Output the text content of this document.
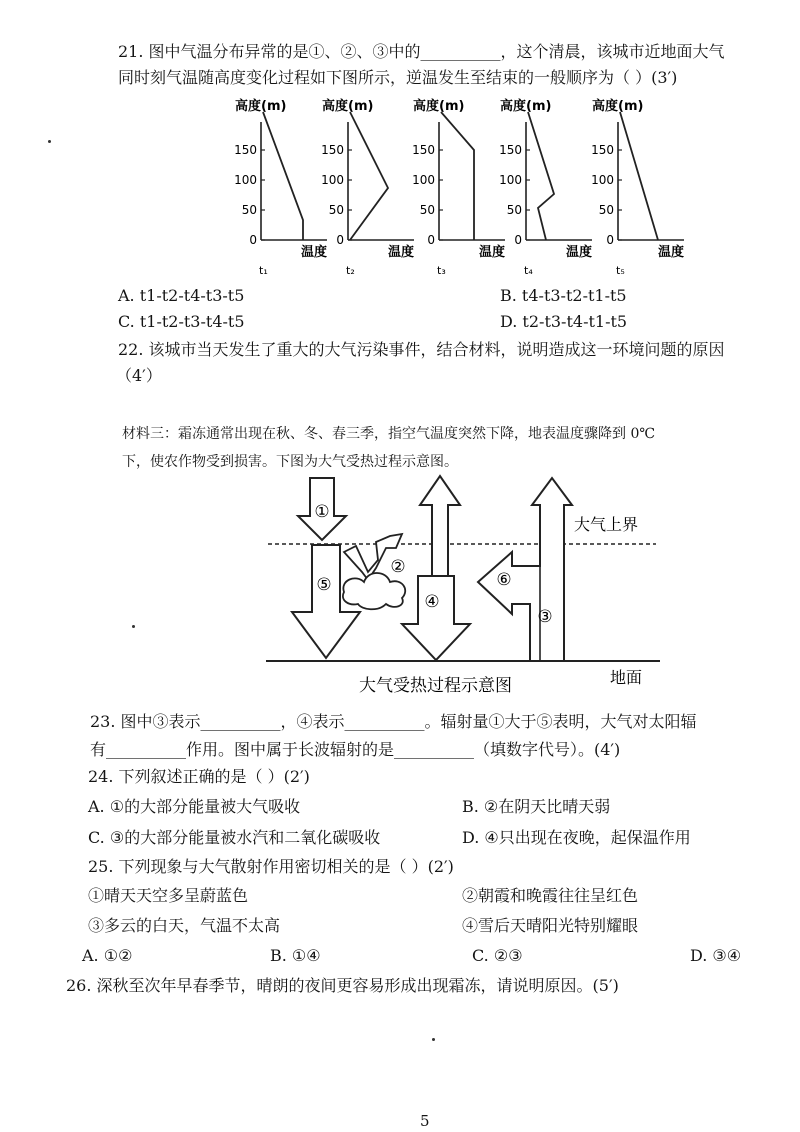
21. 图中气温分布异常的是①、②、③中的__________，这个清晨，该城市近地面大气
同时刻气温随高度变化过程如下图所示，逆温发生至结束的一般顺序为（ ）(3′)
0
50
100
150
高度(m)
温度
t₁
0
50
100
150
高度(m)
温度
t₂
0
50
100
150
高度(m)
温度
t₃
0
50
100
150
高度(m)
温度
t₄
0
50
100
150
高度(m)
温度
t₅
A. t1-t2-t4-t3-t5	B. t4-t3-t2-t1-t5
C. t1-t2-t3-t4-t5	D. t2-t3-t4-t1-t5
22. 该城市当天发生了重大的大气污染事件，结合材料，说明造成这一环境问题的原因
（4′）
材料三：霜冻通常出现在秋、冬、春三季，指空气温度突然下降，地表温度骤降到 0℃
下，使农作物受到损害。下图为大气受热过程示意图。
①
②
③
④
⑤	⑥
大气上界
大气受热过程示意图	地面
23. 图中③表示__________，④表示__________。辐射量①大于⑤表明，大气对太阳辐
有__________作用。图中属于长波辐射的是__________（填数字代号）。(4′)
24. 下列叙述正确的是（ ）(2′)
A. ①的大部分能量被大气吸收	B. ②在阴天比晴天弱
C. ③的大部分能量被水汽和二氧化碳吸收	D. ④只出现在夜晚，起保温作用
25. 下列现象与大气散射作用密切相关的是（ ）(2′)
①晴天天空多呈蔚蓝色	②朝霞和晚霞往往呈红色
③多云的白天，气温不太高	④雪后天晴阳光特别耀眼
A. ①②	B. ①④	C. ②③	D. ③④
26. 深秋至次年早春季节，晴朗的夜间更容易形成出现霜冻，请说明原因。(5′)
5
